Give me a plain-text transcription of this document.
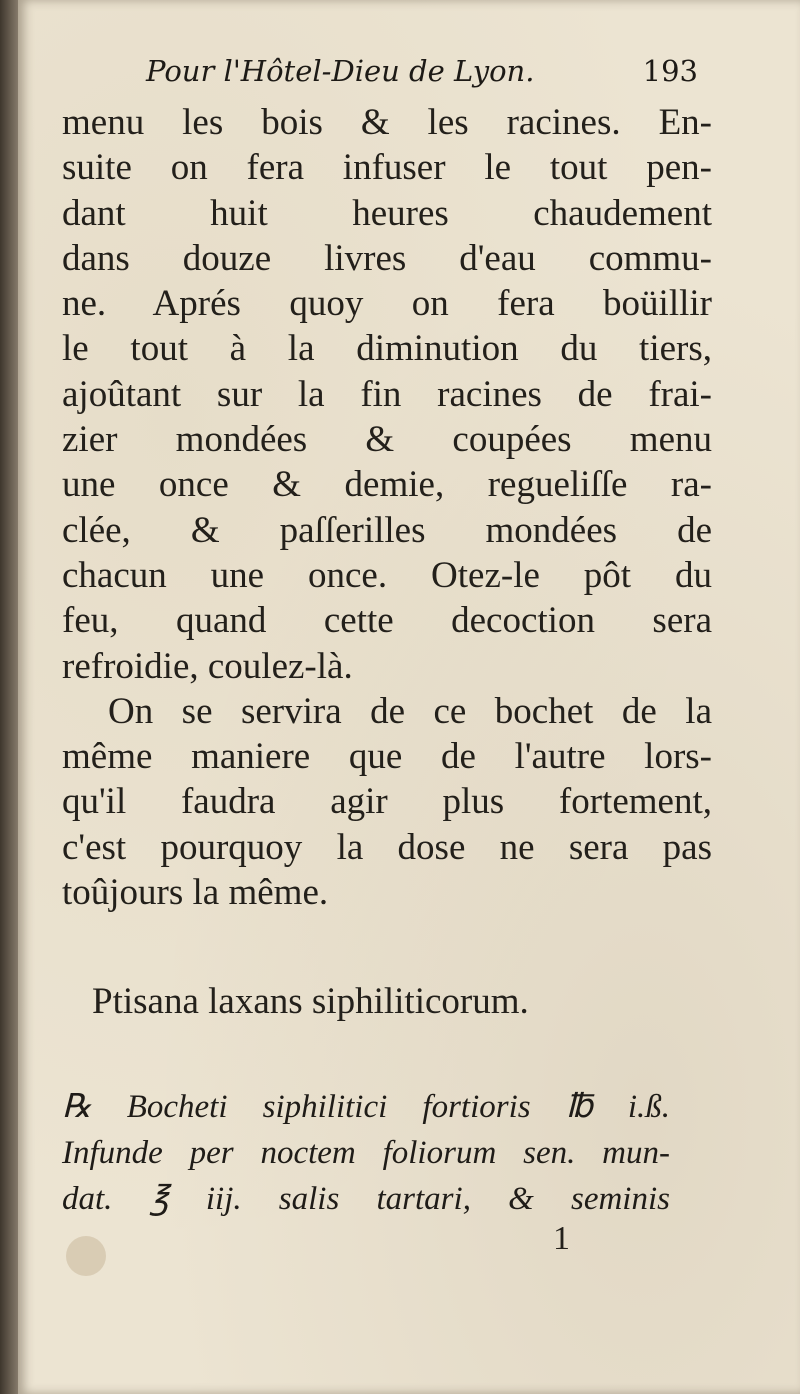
Pour l'Hôtel-Dieu de Lyon.	193
menu les bois & les racines. En-
suite on fera infuser le tout pen-
dant huit heures chaudement
dans douze livres d'eau commu-
ne. Aprés quoy on fera boüillir
le tout à la diminution du tiers,
ajoûtant sur la fin racines de frai-
zier mondées & coupées menu
une once & demie, regueliſſe ra-
clée, & paſſerilles mondées de
chacun une once. Otez-le pôt du
feu, quand cette decoction sera
refroidie, coulez-là.
On se servira de ce bochet de la
même maniere que de l'autre lors-
qu'il faudra agir plus fortement,
c'est pourquoy la dose ne sera pas
toûjours la même.
Ptisana laxans siphiliticorum.
℞ Bocheti siphilitici fortioris ℔ i.ß.
Infunde per noctem foliorum sen. mun-
dat. ℥ iij. salis tartari, & seminis
1
